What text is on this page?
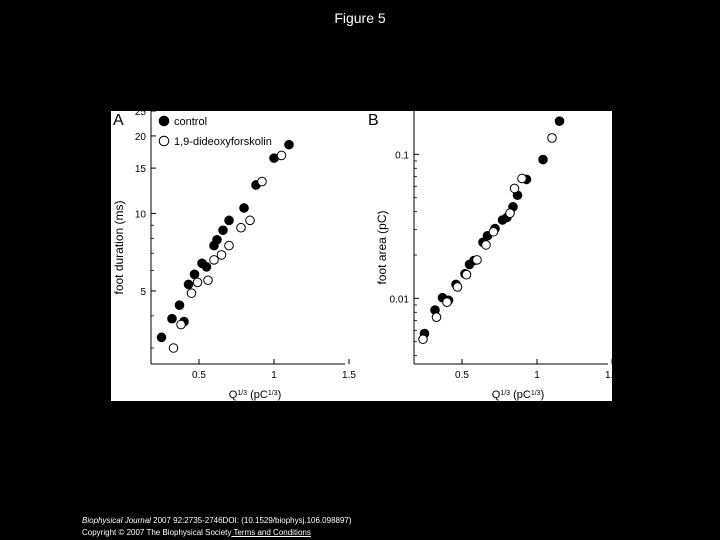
Figure 5
A
5
10
15
20
25
0.5	1	1.5
$Q^{1/3}$ $(pC^{1/3})$
foot duration (ms)
control
1,9-dideoxyforskolin
B
0.01
0.1
0.5	1	1.5
$Q^{1/3}$ $(pC^{1/3})$
foot area (pC)
Biophysical Journal 2007 92:2735-2746DOI: (10.1529/biophysj.106.098897)
Copyright © 2007 The Biophysical Society Terms and Conditions
